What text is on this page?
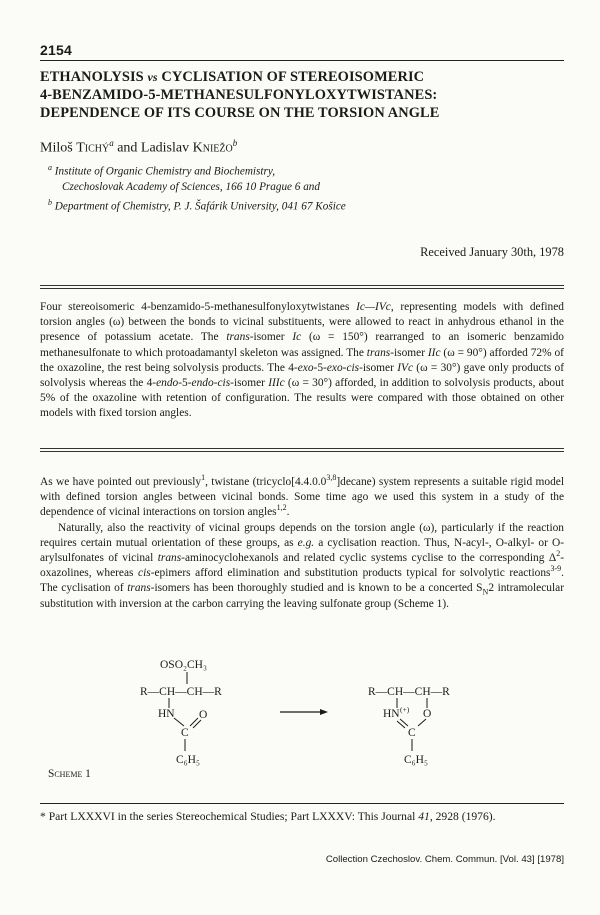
2154
ETHANOLYSIS vs CYCLISATION OF STEREOISOMERIC
4-BENZAMIDO-5-METHANESULFONYLOXYTWISTANES:
DEPENDENCE OF ITS COURSE ON THE TORSION ANGLE
Miloš Tichý$^a$ and Ladislav Kniežo$^b$
$^a$ Institute of Organic Chemistry and Biochemistry,
Czechoslovak Academy of Sciences, 166 10 Prague 6 and
$^b$ Department of Chemistry, P. J. Šafárik University, 041 67 Košice
Received January 30th, 1978
Four stereoisomeric 4-benzamido-5-methanesulfonyloxytwistanes Ic—IVc, representing models with defined torsion angles (ω) between the bonds to vicinal substituents, were allowed to react in anhydrous ethanol in the presence of potassium acetate. The trans-isomer Ic (ω = 150°) rearranged to an isomeric benzamido methanesulfonate to which protoadamantyl skeleton was assigned. The trans-isomer IIc (ω = 90°) afforded 72% of the oxazoline, the rest being solvolysis products. The 4-exo-5-exo-cis-isomer IVc (ω = 30°) gave only products of solvolysis whereas the 4-endo-5-endo-cis-isomer IIIc (ω = 30°) afforded, in addition to solvolysis products, about 5% of the oxazoline with retention of configuration. The results were compared with those obtained on other models with fixed torsion angles.

As we have pointed out previously$^1$, twistane (tricyclo[4.4.0.0$^{3,8}$]decane) system represents a suitable rigid model with defined torsion angles between vicinal bonds. Some time ago we used this system in a study of the dependence of vicinal interactions on torsion angles$^{1,2}$.

Naturally, also the reactivity of vicinal groups depends on the torsion angle (ω), particularly if the reaction requires certain mutual orientation of these groups, as e.g. a cyclisation reaction. Thus, N-acyl-, O-alkyl- or O-arylsulfonates of vicinal trans-aminocyclohexanols and related cyclic systems cyclise to the corresponding $\Delta^2$-oxazolines, whereas cis-epimers afford elimination and substitution products typical for solvolytic reactions$^{3-9}$. The cyclisation of trans-isomers has been thoroughly studied and is known to be a concerted $S_N2$ intramolecular substitution with inversion at the carbon carrying the leaving sulfonate group (Scheme 1).

OSO₂CH₃
R—CH—CH—R
HN
C
O
C₆H₅
R—CH—CH—R
HN (+) O
C
C₆H₅
Scheme 1
* Part LXXXVI in the series Stereochemical Studies; Part LXXXV: This Journal 41, 2928 (1976).
Collection Czechoslov. Chem. Commun. [Vol. 43] [1978]
